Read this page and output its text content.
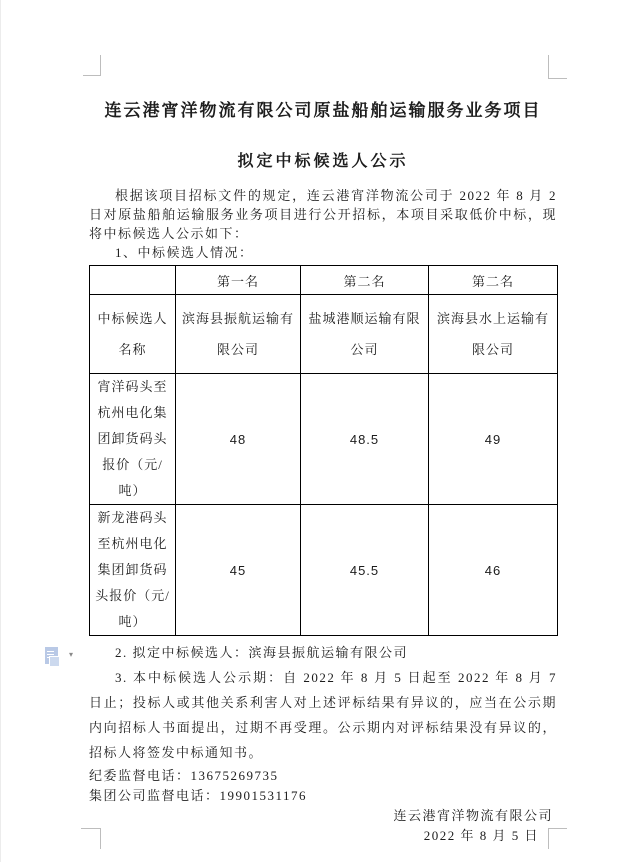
▾
连云港宵洋物流有限公司原盐船舶运输服务业务项目
拟定中标候选人公示

根据该项目招标文件的规定，连云港宵洋物流公司于 2022 年 8 月 2 日对原盐船舶运输服务业务项目进行公开招标，本项目采取低价中标，现将中标候选人公示如下：

1、中标候选人情况：

	第一名	第二名	第二名
中标候选人名称	滨海县振航运输有限公司	盐城港顺运输有限公司	滨海县水上运输有限公司
宵洋码头至杭州电化集团卸货码头报价（元/吨）	48	48.5	49
新龙港码头至杭州电化集团卸货码头报价（元/吨）	45	45.5	46

2. 拟定中标候选人：滨海县振航运输有限公司

3. 本中标候选人公示期：自 2022 年 8 月 5 日起至 2022 年 8 月 7 日止；投标人或其他关系利害人对上述评标结果有异议的，应当在公示期内向招标人书面提出，过期不再受理。公示期内对评标结果没有异议的，招标人将签发中标通知书。

纪委监督电话：13675269735

集团公司监督电话：19901531176

连云港宵洋物流有限公司

2022 年 8 月 5 日
